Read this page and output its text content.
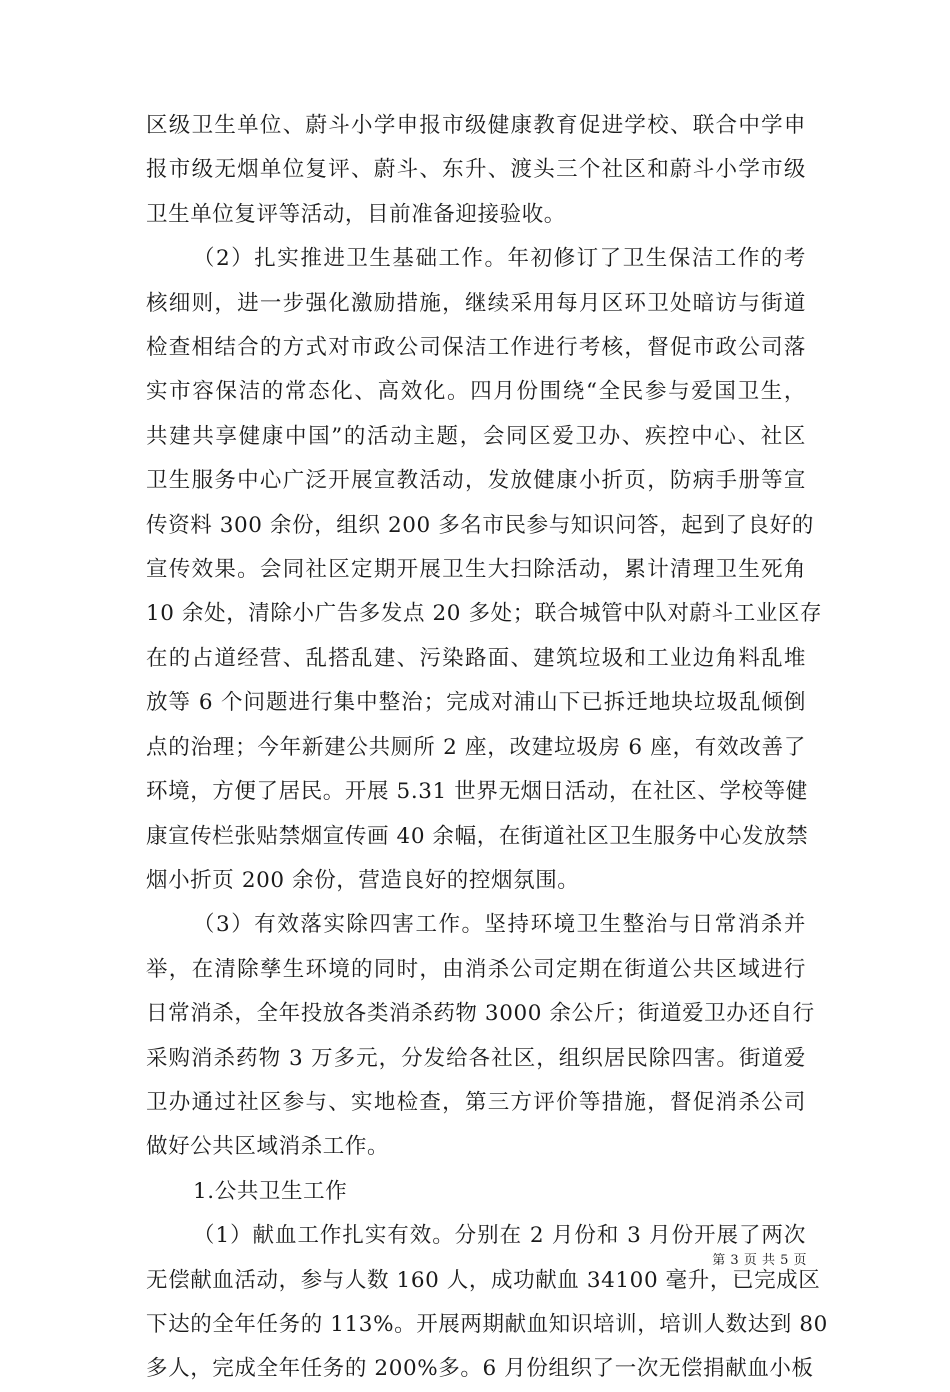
区级卫生单位、蔚斗小学申报市级健康教育促进学校、联合中学申
报市级无烟单位复评、蔚斗、东升、渡头三个社区和蔚斗小学市级
卫生单位复评等活动，目前准备迎接验收。

（2）扎实推进卫生基础工作。年初修订了卫生保洁工作的考
核细则，进一步强化激励措施，继续采用每月区环卫处暗访与街道
检查相结合的方式对市政公司保洁工作进行考核，督促市政公司落
实市容保洁的常态化、高效化。四月份围绕“全民参与爱国卫生，
共建共享健康中国”的活动主题，会同区爱卫办、疾控中心、社区
卫生服务中心广泛开展宣教活动，发放健康小折页，防病手册等宣
传资料 300 余份，组织 200 多名市民参与知识问答，起到了良好的
宣传效果。会同社区定期开展卫生大扫除活动，累计清理卫生死角
10 余处，清除小广告多发点 20 多处；联合城管中队对蔚斗工业区存
在的占道经营、乱搭乱建、污染路面、建筑垃圾和工业边角料乱堆
放等 6 个问题进行集中整治；完成对浦山下已拆迁地块垃圾乱倾倒
点的治理；今年新建公共厕所 2 座，改建垃圾房 6 座，有效改善了
环境，方便了居民。开展 5.31 世界无烟日活动，在社区、学校等健
康宣传栏张贴禁烟宣传画 40 余幅，在街道社区卫生服务中心发放禁
烟小折页 200 余份，营造良好的控烟氛围。

（3）有效落实除四害工作。坚持环境卫生整治与日常消杀并
举，在清除孳生环境的同时，由消杀公司定期在街道公共区域进行
日常消杀，全年投放各类消杀药物 3000 余公斤；街道爱卫办还自行
采购消杀药物 3 万多元，分发给各社区，组织居民除四害。街道爱
卫办通过社区参与、实地检查，第三方评价等措施，督促消杀公司
做好公共区域消杀工作。

1.公共卫生工作

（1）献血工作扎实有效。分别在 2 月份和 3 月份开展了两次
无偿献血活动，参与人数 160 人，成功献血 34100 毫升，已完成区
下达的全年任务的 113%。开展两期献血知识培训，培训人数达到 80
多人，完成全年任务的 200%多。6 月份组织了一次无偿捐献血小板

第 3 页 共 5 页
